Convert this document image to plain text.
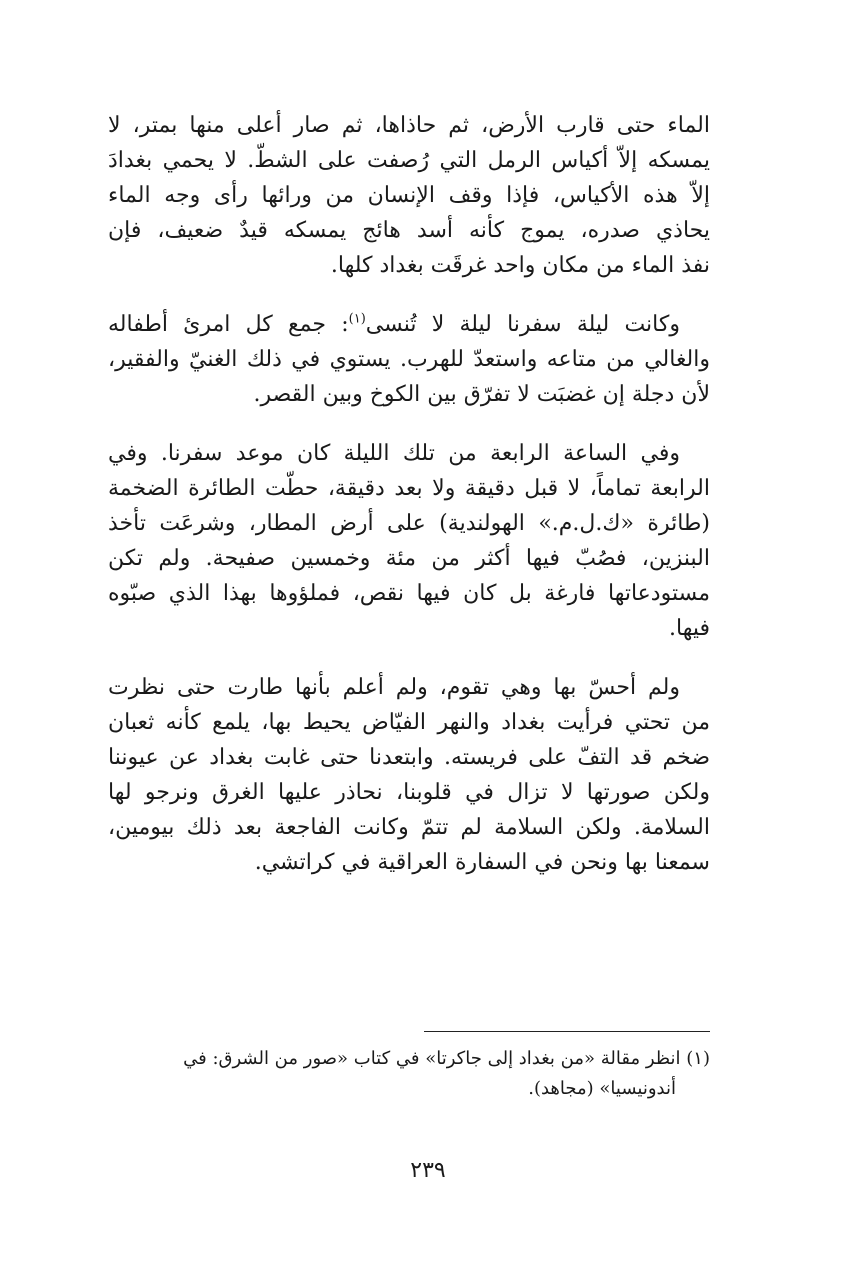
الماء حتى قارب الأرض، ثم حاذاها، ثم صار أعلى منها بمتر، لا
يمسكه إلاّ أكياس الرمل التي رُصفت على الشطّ. لا يحمي بغدادَ
إلاّ هذه الأكياس، فإذا وقف الإنسان من ورائها رأى وجه الماء
يحاذي صدره، يموج كأنه أسد هائج يمسكه قيدٌ ضعيف، فإن
نفذ الماء من مكان واحد غرقَت بغداد كلها.

وكانت ليلة سفرنا ليلة لا تُنسى$^{(١)}$: جمع كل امرئ أطفاله
والغالي من متاعه واستعدّ للهرب. يستوي في ذلك الغنيّ والفقير،
لأن دجلة إن غضبَت لا تفرّق بين الكوخ وبين القصر.

وفي الساعة الرابعة من تلك الليلة كان موعد سفرنا. وفي
الرابعة تماماً، لا قبل دقيقة ولا بعد دقيقة، حطّت الطائرة الضخمة
(طائرة «ك.ل.م.» الهولندية) على أرض المطار، وشرعَت تأخذ
البنزين، فصُبّ فيها أكثر من مئة وخمسين صفيحة. ولم تكن
مستودعاتها فارغة بل كان فيها نقص، فملؤوها بهذا الذي صبّوه
فيها.

ولم أحسّ بها وهي تقوم، ولم أعلم بأنها طارت حتى نظرت
من تحتي فرأيت بغداد والنهر الفيّاض يحيط بها، يلمع كأنه ثعبان
ضخم قد التفّ على فريسته. وابتعدنا حتى غابت بغداد عن عيوننا
ولكن صورتها لا تزال في قلوبنا، نحاذر عليها الغرق ونرجو لها
السلامة. ولكن السلامة لم تتمّ وكانت الفاجعة بعد ذلك بيومين،
سمعنا بها ونحن في السفارة العراقية في كراتشي.

(١) انظر مقالة «من بغداد إلى جاكرتا» في كتاب «صور من الشرق: في
أندونيسيا» (مجاهد).
٢٣٩
